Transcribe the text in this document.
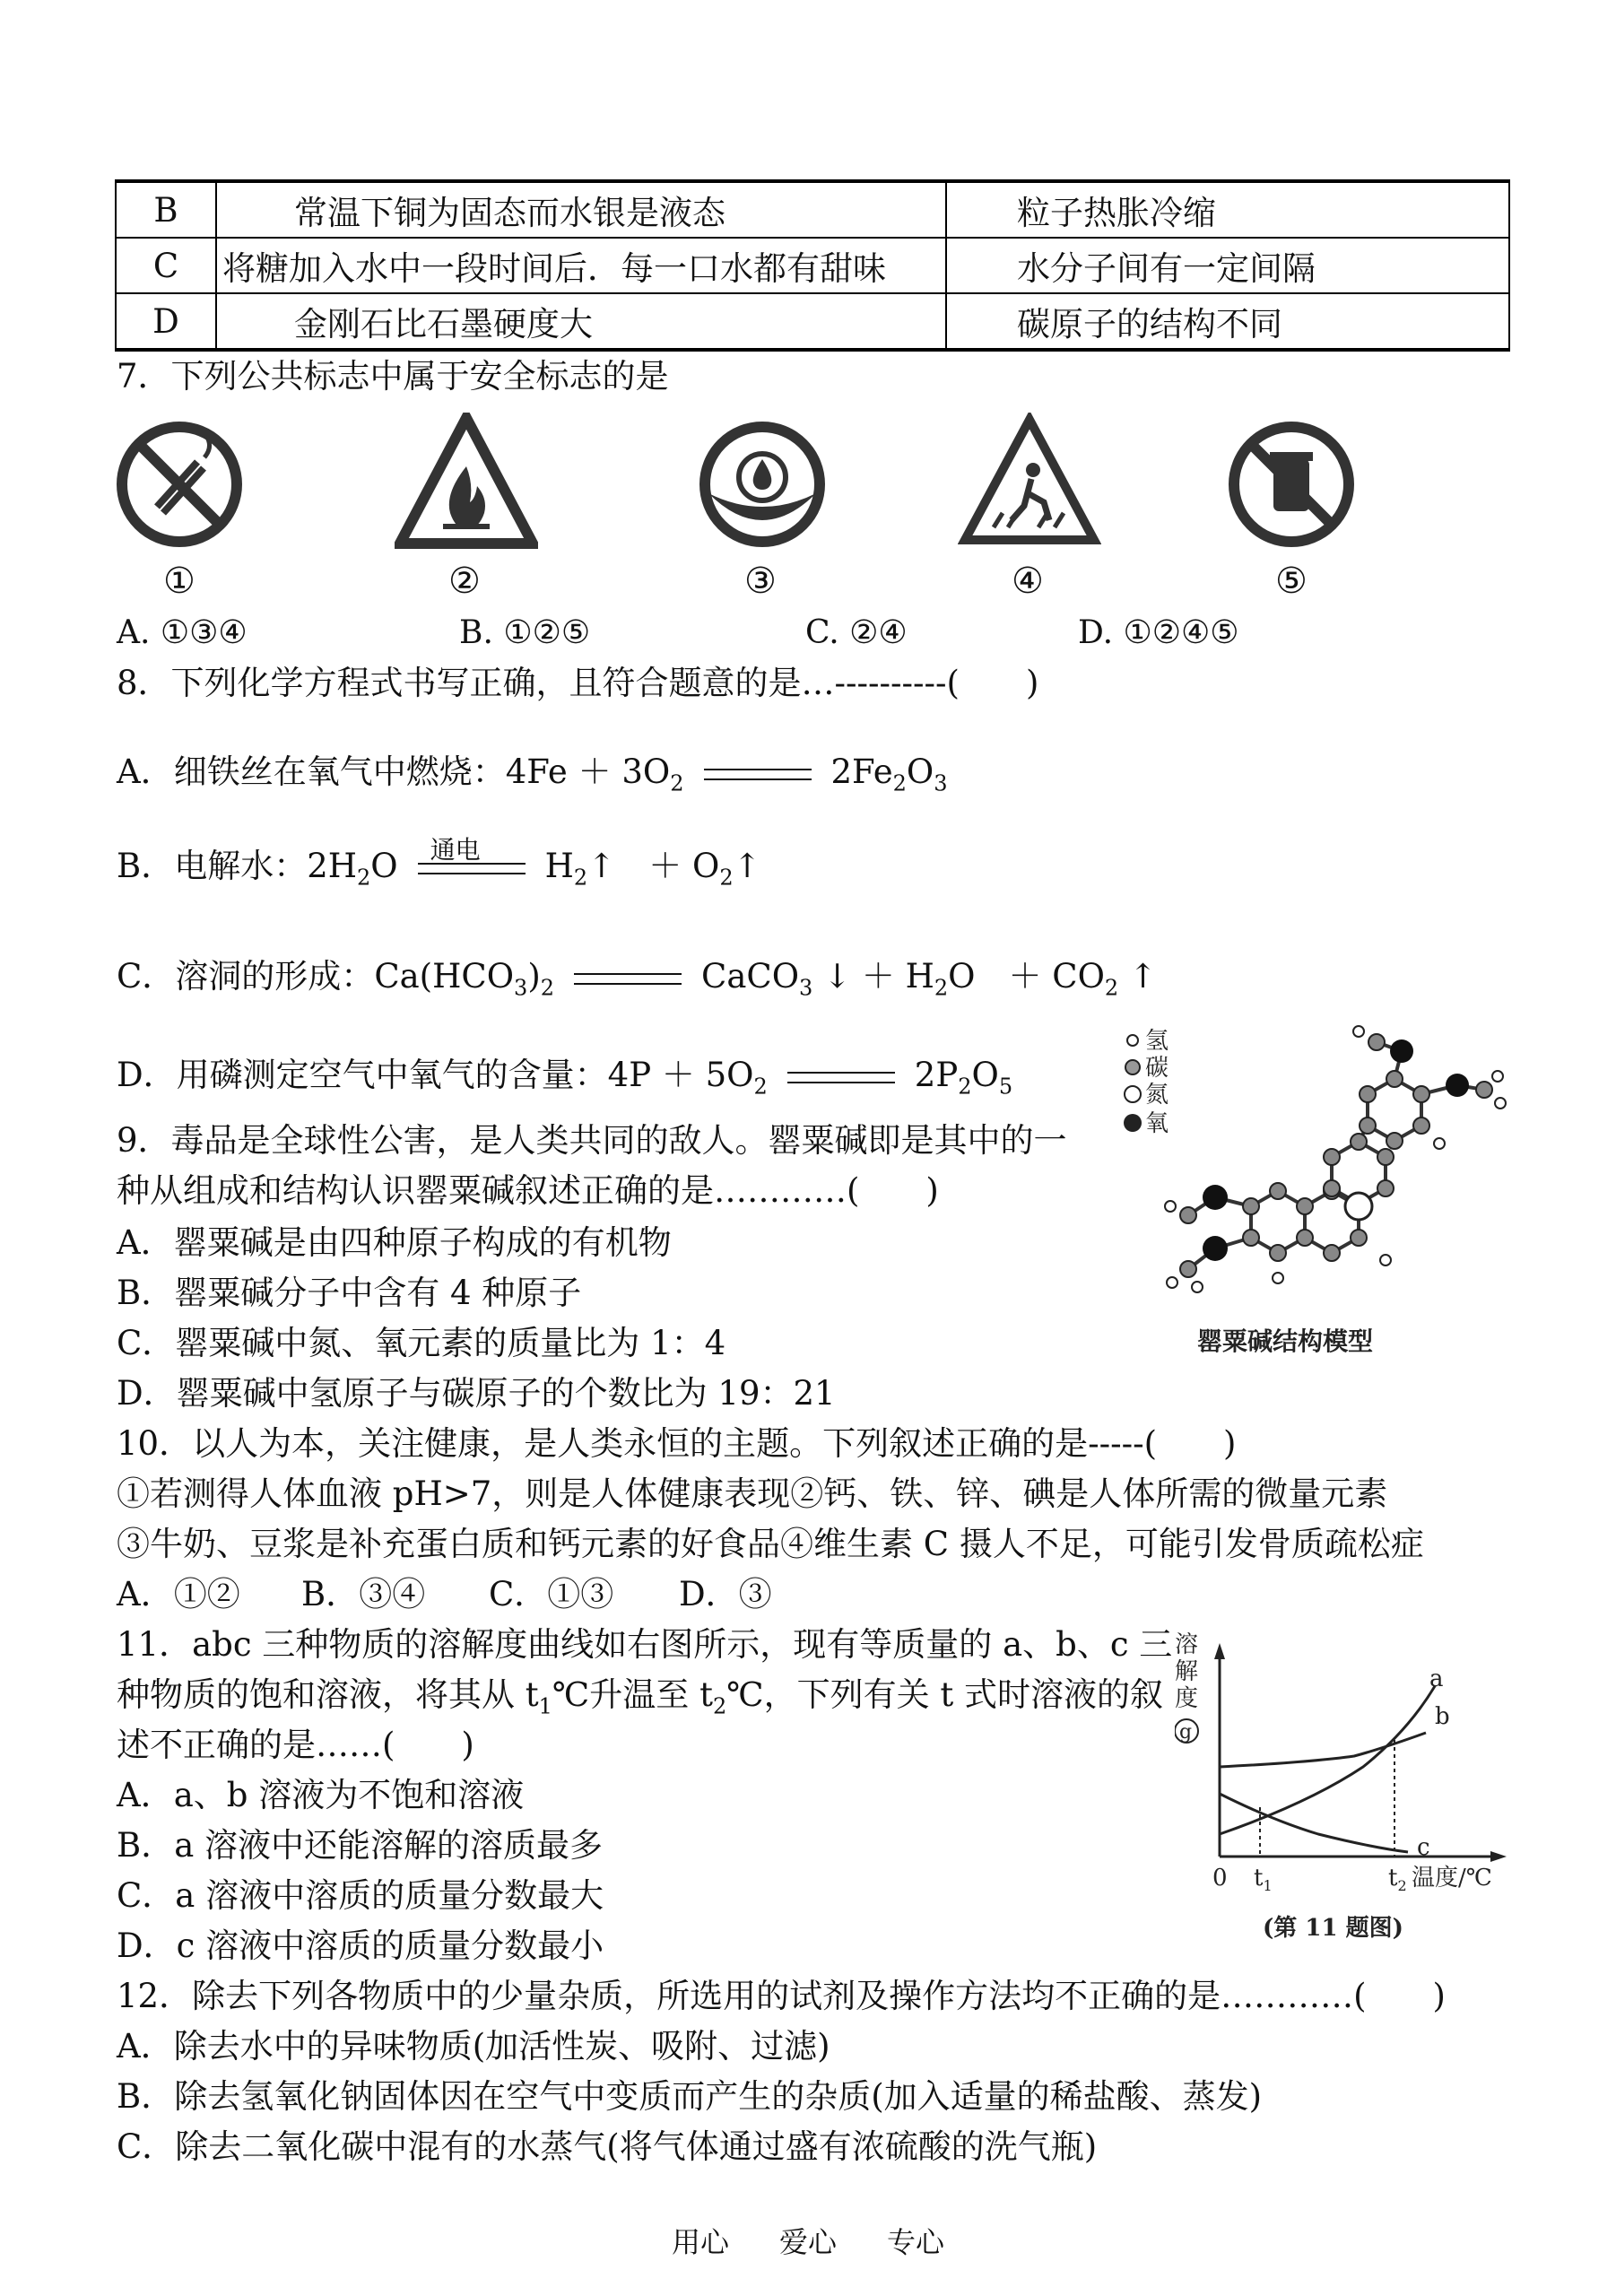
B	常温下铜为固态而水银是液态	粒子热胀冷缩
C	将糖加入水中一段时间后．每一口水都有甜味	水分子间有一定间隔
D	金刚石比石墨硬度大	碳原子的结构不同
7．下列公共标志中属于安全标志的是
①	②	③	④	⑤
A. ①③④	B. ①②⑤	C. ②④	D. ①②④⑤
8．下列化学方程式书写正确，且符合题意的是…----------(　　)
A．细铁丝在氧气中燃烧：$4Fe + 3O_2$	$2Fe_2O_3$
B．电解水：$2H_2O$ 通电 $H_2↑$　＋ $O_2↑$
C．溶洞的形成：$Ca(HCO_3)_2$	CaCO$_3$ ↓ ＋ $H_2O$　＋ $CO_2$ ↑
D．用磷测定空气中氧气的含量：$4P + 5O_2$	$2P_2O_5$
9．毒品是全球性公害，是人类共同的敌人。罂粟碱即是其中的一
种从组成和结构认识罂粟碱叙述正确的是…………(　　)
A．罂粟碱是由四种原子构成的有机物
B．罂粟碱分子中含有 4 种原子
C．罂粟碱中氮、氧元素的质量比为 1：4
D．罂粟碱中氢原子与碳原子的个数比为 19：21
氢
碳
氮
氧
罂粟碱结构模型
10．以人为本，关注健康，是人类永恒的主题。下列叙述正确的是-----(　　)
①若测得人体血液 pH>7，则是人体健康表现②钙、铁、锌、碘是人体所需的微量元素
③牛奶、豆浆是补充蛋白质和钙元素的好食品④维生素 C 摄人不足，可能引发骨质疏松症
A．①② B．③④ C．①③ D．③
11．abc 三种物质的溶解度曲线如右图所示，现有等质量的 a、b、c 三
种物质的饱和溶液，将其从 $t_1℃$升温至 $t_2℃$，下列有关 t 式时溶液的叙
述不正确的是……(　　)
A．a、b 溶液为不饱和溶液
B．a 溶液中还能溶解的溶质最多
C．a 溶液中溶质的质量分数最大
D．c 溶液中溶质的质量分数最小
溶
解
度
g
a
b
c
0 $t_1$	$t_2$ 温度/℃
(第 11 题图)
12．除去下列各物质中的少量杂质，所选用的试剂及操作方法均不正确的是…………(　　)
A．除去水中的异味物质(加活性炭、吸附、过滤)
B．除去氢氧化钠固体因在空气中变质而产生的杂质(加入适量的稀盐酸、蒸发)
C．除去二氧化碳中混有的水蒸气(将气体通过盛有浓硫酸的洗气瓶)
用心 爱心 专心
